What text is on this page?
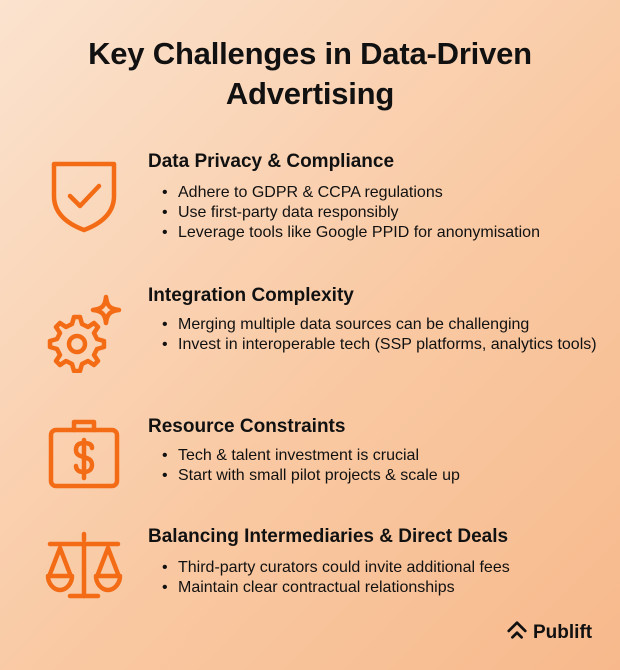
Key Challenges in Data-Driven
Advertising
Data Privacy & Compliance
• Adhere to GDPR & CCPA regulations
• Use first-party data responsibly
• Leverage tools like Google PPID for anonymisation
Integration Complexity
• Merging multiple data sources can be challenging
• Invest in interoperable tech (SSP platforms, analytics tools)
Resource Constraints
• Tech & talent investment is crucial
• Start with small pilot projects & scale up
Balancing Intermediaries & Direct Deals
• Third-party curators could invite additional fees
• Maintain clear contractual relationships
Publift
